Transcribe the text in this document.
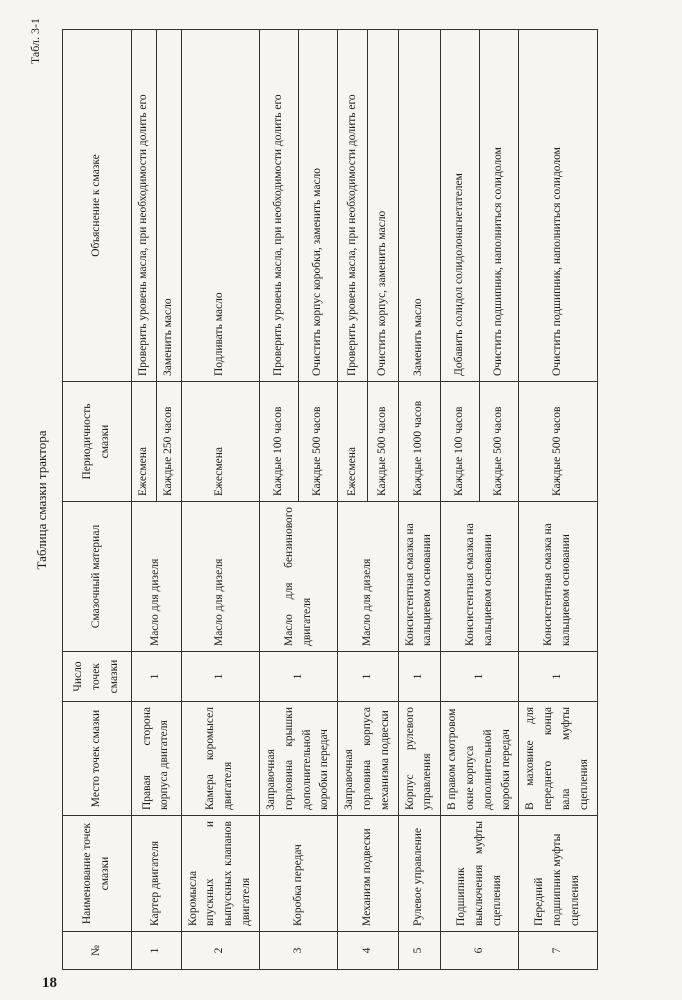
18
Табл. 3-1
Таблица смазки трактора
№	Наименование точек смазки	Место точек смазки	Число точек смазки	Смазочный материал	Периодичность смазки	Объяснение к смазке
1	Картер двигателя	Правая сторона корпуса двигателя	1	Масло для дизеля	Ежесмена	Проверить уровень масла, при необходимости долить его
					Каждые 250 часов	Заменить масло
2	Коромысла впускных и выпускных клапанов двигателя	Камера коромысел двигателя	1	Масло для дизеля	Ежесмена	Подливать масло
3	Коробка передач	Заправочная горловина крышки дополнительной коробки передач	1	Масло для бензинового двигателя	Каждые 100 часов	Проверить уровень масла, при необходимости долить его
					Каждые 500 часов	Очистить корпус коробки, заменить масло
4	Механизм подвески	Заправочная горловина корпуса механизма подвески	1	Масло для дизеля	Ежесмена	Проверить уровень масла, при необходимости долить его
					Каждые 500 часов	Очистить корпус, заменить масло
5	Рулевое управление	Корпус рулевого управления	1	Консистентная смазка на кальциевом основании	Каждые 1000 часов	Заменить масло
6	Подшипник выключения муфты сцепления	В правом смотровом окне корпуса дополнительной коробки передач	1	Консистентная смазка на кальциевом основании	Каждые 100 часов	Добавить солидол солидолонагнетателем
					Каждые 500 часов	Очистить подшипник, наполниться солидолом
7	Передний подшипник муфты сцепления	В маховике для переднего конца вала муфты сцепления	1	Консистентная смазка на кальциевом основании	Каждые 500 часов	Очистить подшипник, наполниться солидолом
